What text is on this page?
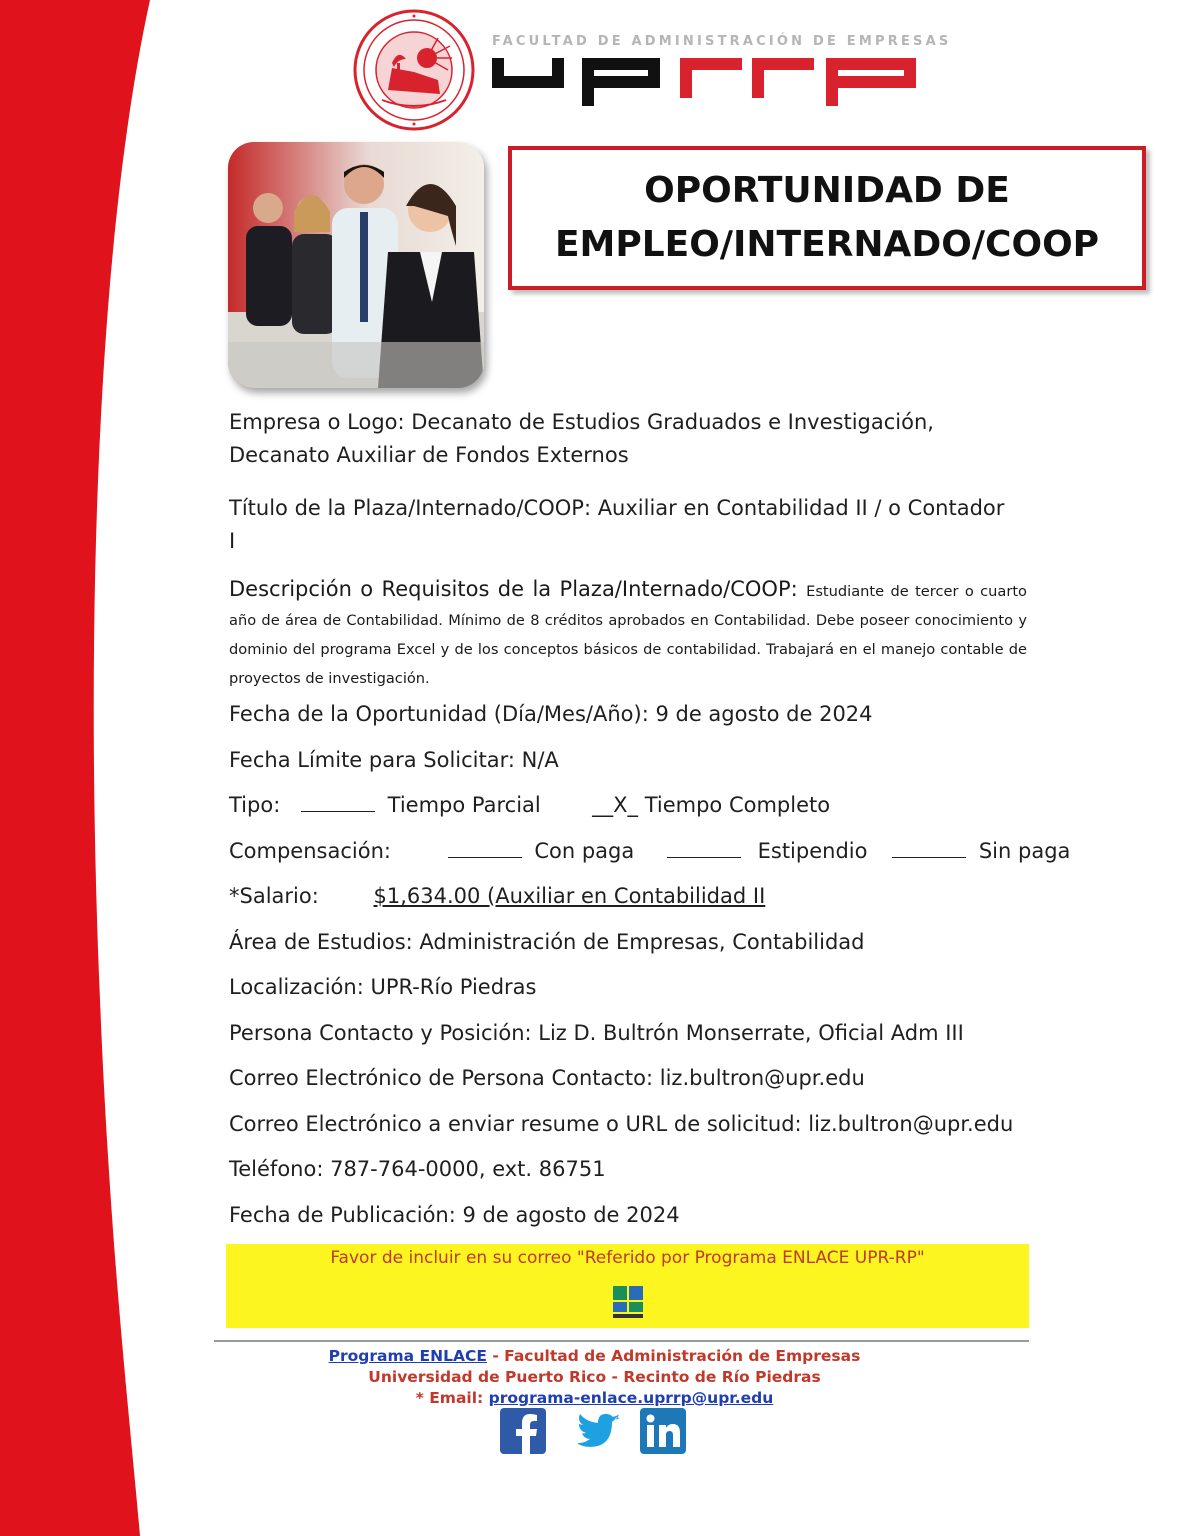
FACULTAD DE ADMINISTRACIÓN DE EMPRESAS
OPORTUNIDAD DE
EMPLEO/INTERNADO/COOP
Empresa o Logo: Decanato de Estudios Graduados e Investigación,
Decanato Auxiliar de Fondos Externos
Título de la Plaza/Internado/COOP: Auxiliar en Contabilidad II / o Contador
I
Descripción o Requisitos de la Plaza/Internado/COOP: Estudiante de tercer o cuarto año de área de Contabilidad. Mínimo de 8 créditos aprobados en Contabilidad. Debe poseer conocimiento y dominio del programa Excel y de los conceptos básicos de contabilidad. Trabajará en el manejo contable de proyectos de investigación.
Fecha de la Oportunidad (Día/Mes/Año): 9 de agosto de 2024
Fecha Límite para Solicitar: N/A
Tipo:	Tiempo Parcial __X_ Tiempo Completo
Compensación:	Con paga	Estipendio	Sin paga
*Salario:	$1,634.00 (Auxiliar en Contabilidad II
Área de Estudios: Administración de Empresas, Contabilidad
Localización: UPR-Río Piedras
Persona Contacto y Posición: Liz D. Bultrón Monserrate, Oficial Adm III
Correo Electrónico de Persona Contacto: liz.bultron@upr.edu
Correo Electrónico a enviar resume o URL de solicitud: liz.bultron@upr.edu
Teléfono: 787-764-0000, ext. 86751
Fecha de Publicación: 9 de agosto de 2024
Favor de incluir en su correo "Referido por Programa ENLACE UPR-RP"
Programa ENLACE - Facultad de Administración de Empresas
Universidad de Puerto Rico - Recinto de Río Piedras
* Email: programa-enlace.uprrp@upr.edu
